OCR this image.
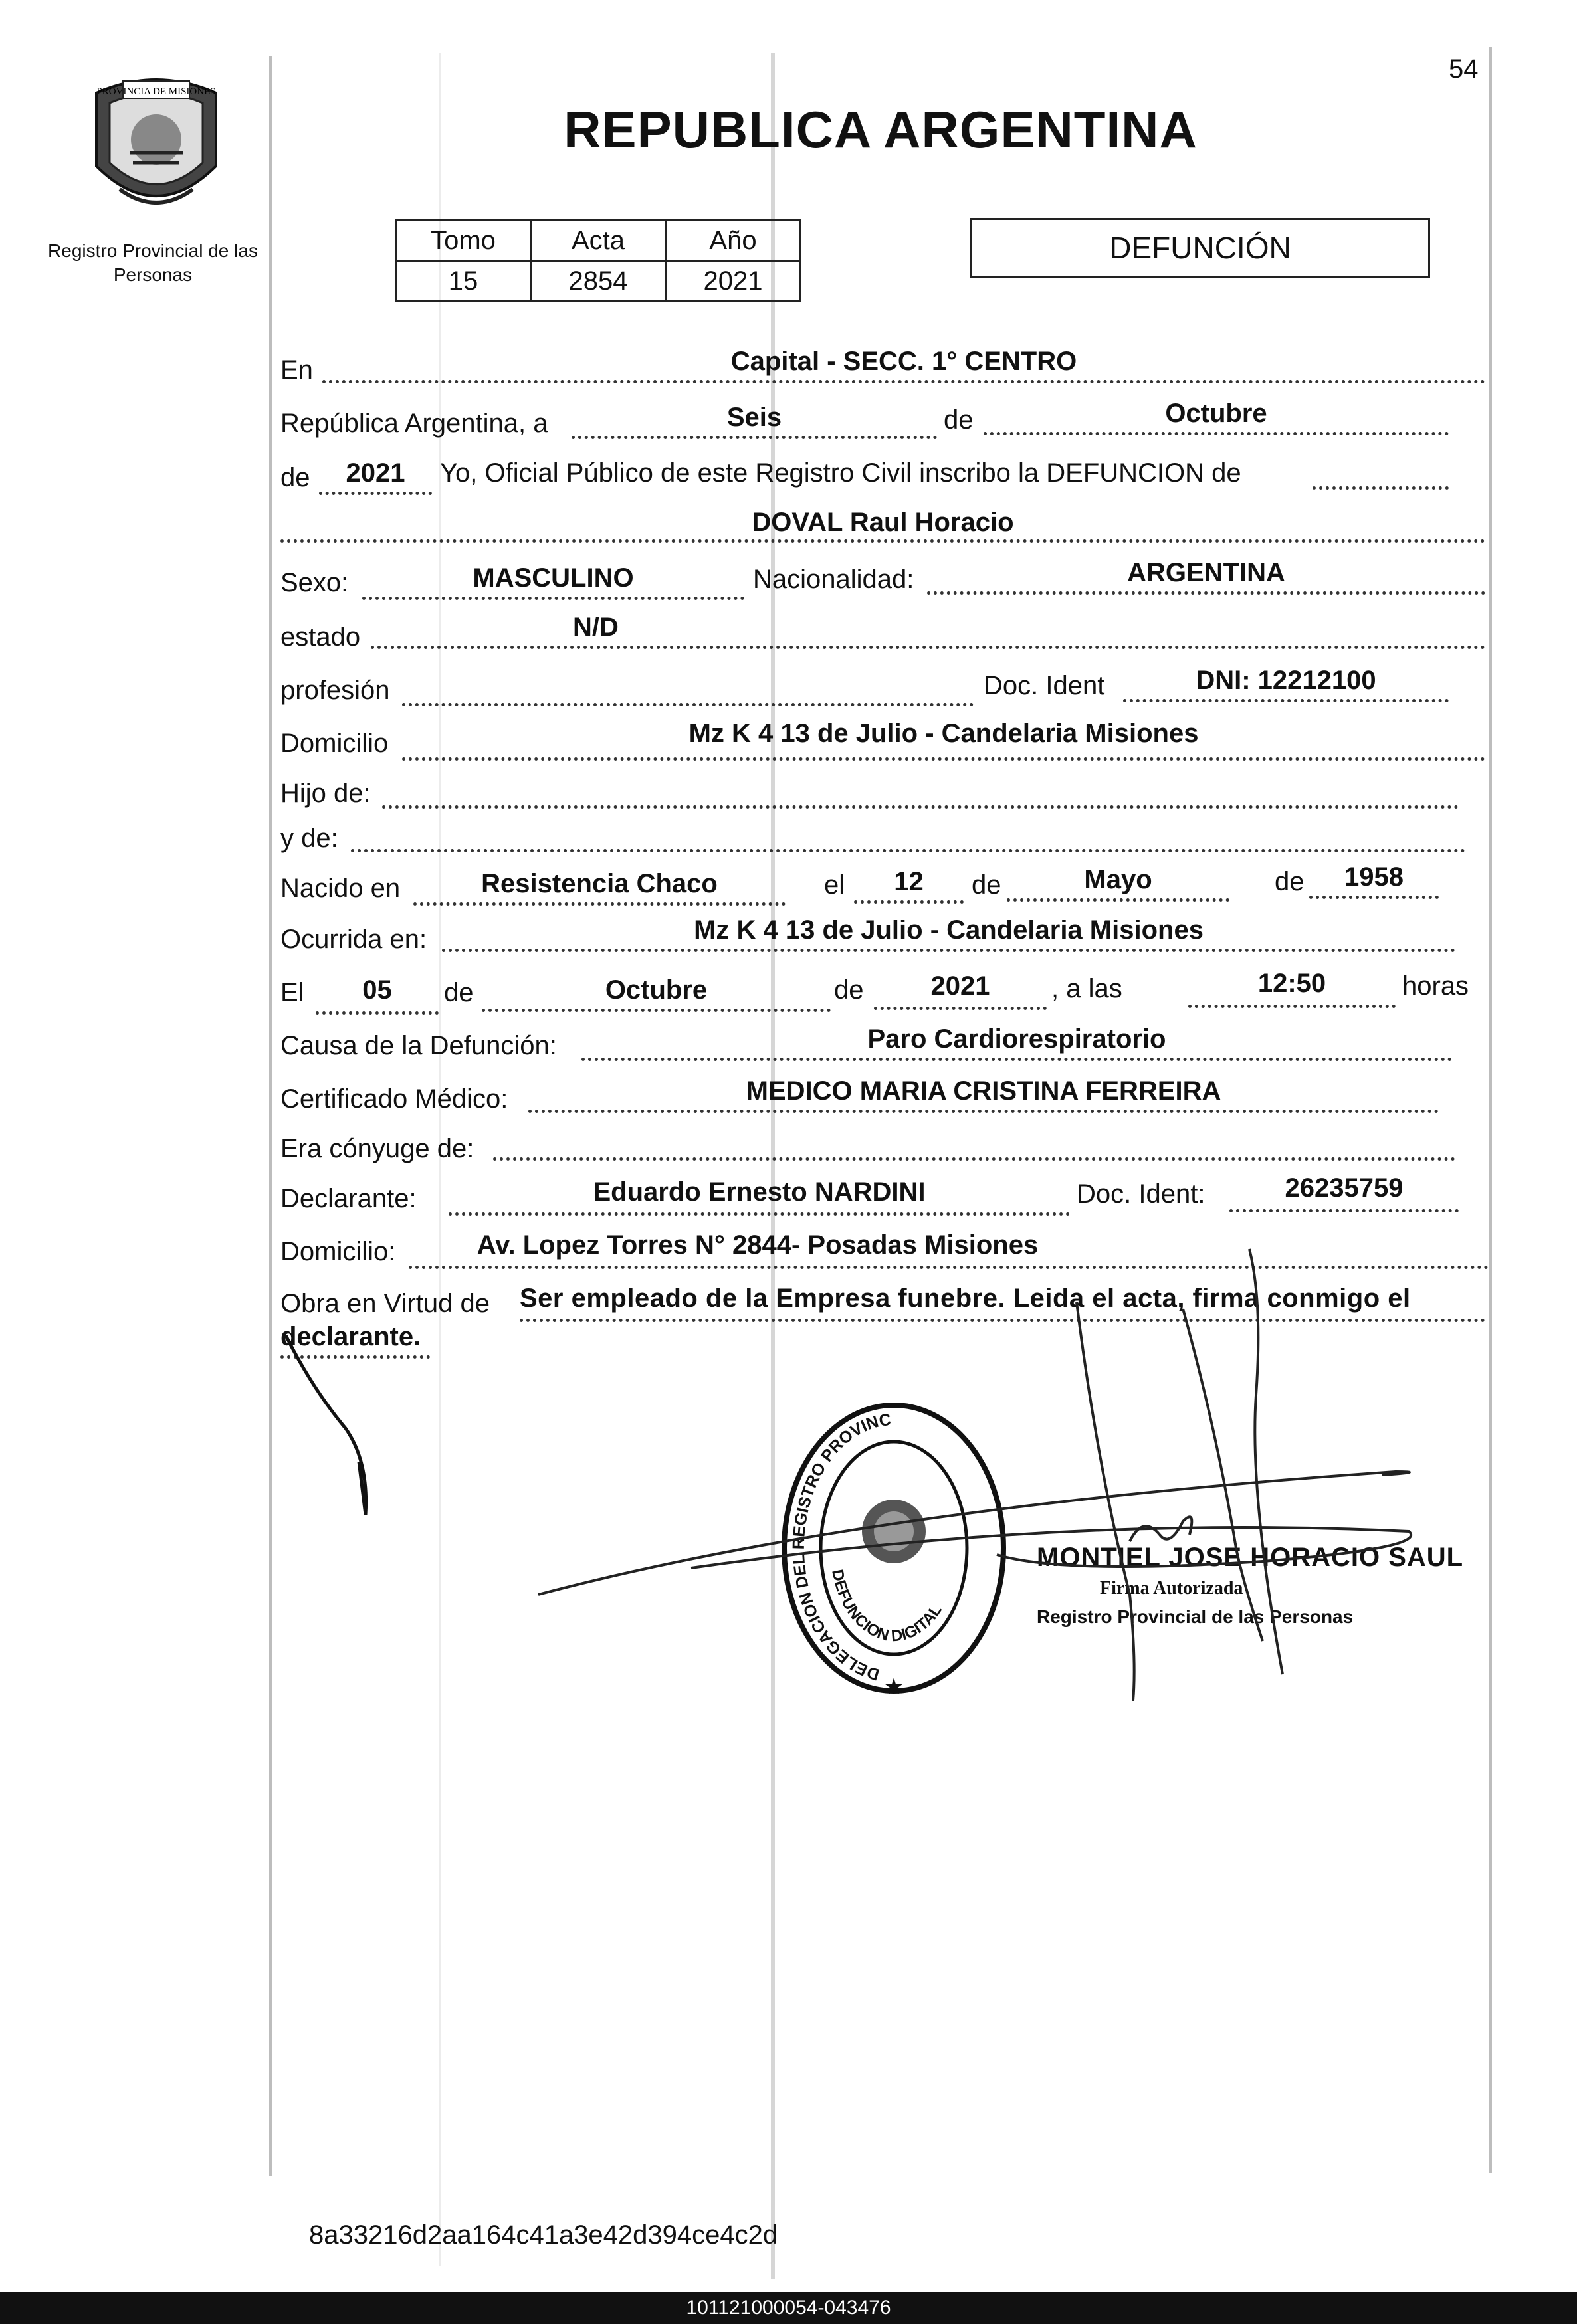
54
PROVINCIA DE MISIONES
Registro Provincial de las Personas
REPUBLICA ARGENTINA
Tomo	Acta	Año
15	2854	2021
DEFUNCIÓN
En	Capital - SECC. 1° CENTRO
República Argentina, a	Seis	de	Octubre
de	2021	Yo, Oficial Público de este Registro Civil inscribo la DEFUNCION de
DOVAL Raul Horacio
Sexo:	MASCULINO	Nacionalidad:	ARGENTINA
estado	N/D
profesión	Doc. Ident	DNI: 12212100
Domicilio	Mz K 4 13 de Julio - Candelaria Misiones
Hijo de:
y de:
Nacido en	Resistencia Chaco	el	12	de	Mayo	de	1958
Ocurrida en:	Mz K 4 13 de Julio - Candelaria Misiones
El	05	de	Octubre	de	2021	, a las	12:50	horas
Causa de la Defunción:	Paro Cardiorespiratorio
Certificado Médico:	MEDICO MARIA CRISTINA FERREIRA
Era cónyuge de:
Declarante:	Eduardo Ernesto NARDINI	Doc. Ident:	26235759
Domicilio:	Av. Lopez Torres N° 2844- Posadas Misiones
Obra en Virtud de Ser empleado de la Empresa funebre. Leida el acta, firma conmigo el
declarante.
DELEGACION DEL REGISTRO PROVINC
DEFUNCION DIGITAL
★
MONTIEL JOSE HORACIO SAUL
Firma Autorizada
Registro Provincial de las Personas
8a33216d2aa164c41a3e42d394ce4c2d
101121000054-043476
